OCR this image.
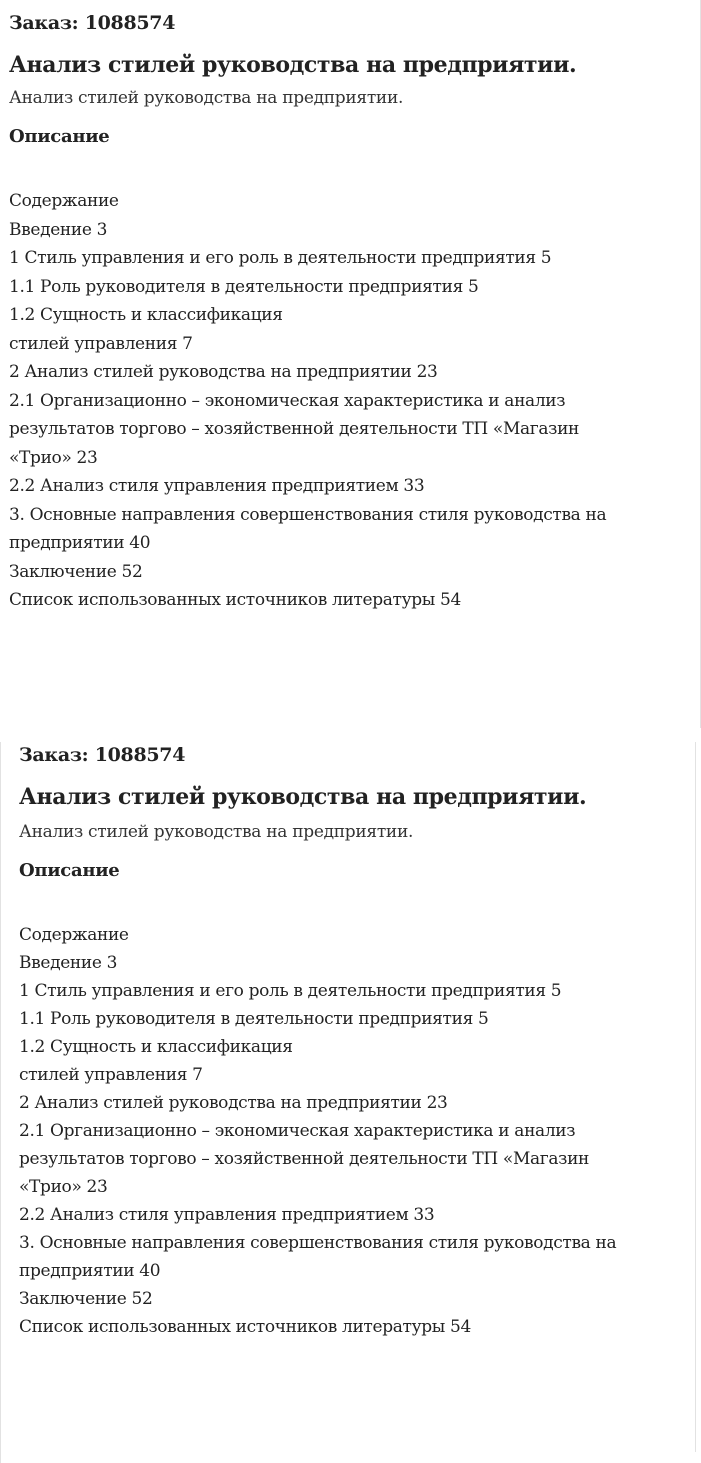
Заказ: 1088574
Анализ стилей руководства на предприятии.
Анализ стилей руководства на предприятии.
Описание
Содержание
Введение 3
1 Стиль управления и его роль в деятельности предприятия 5
1.1 Роль руководителя в деятельности предприятия 5
1.2 Сущность и классификация
стилей управления 7
2 Анализ стилей руководства на предприятии 23
2.1 Организационно – экономическая характеристика и анализ
результатов торгово – хозяйственной деятельности ТП «Магазин
«Трио» 23
2.2 Анализ стиля управления предприятием 33
3. Основные направления совершенствования стиля руководства на
предприятии 40
Заключение 52
Список использованных источников литературы 54
Заказ: 1088574
Анализ стилей руководства на предприятии.
Анализ стилей руководства на предприятии.
Описание
Содержание
Введение 3
1 Стиль управления и его роль в деятельности предприятия 5
1.1 Роль руководителя в деятельности предприятия 5
1.2 Сущность и классификация
стилей управления 7
2 Анализ стилей руководства на предприятии 23
2.1 Организационно – экономическая характеристика и анализ
результатов торгово – хозяйственной деятельности ТП «Магазин
«Трио» 23
2.2 Анализ стиля управления предприятием 33
3. Основные направления совершенствования стиля руководства на
предприятии 40
Заключение 52
Список использованных источников литературы 54
